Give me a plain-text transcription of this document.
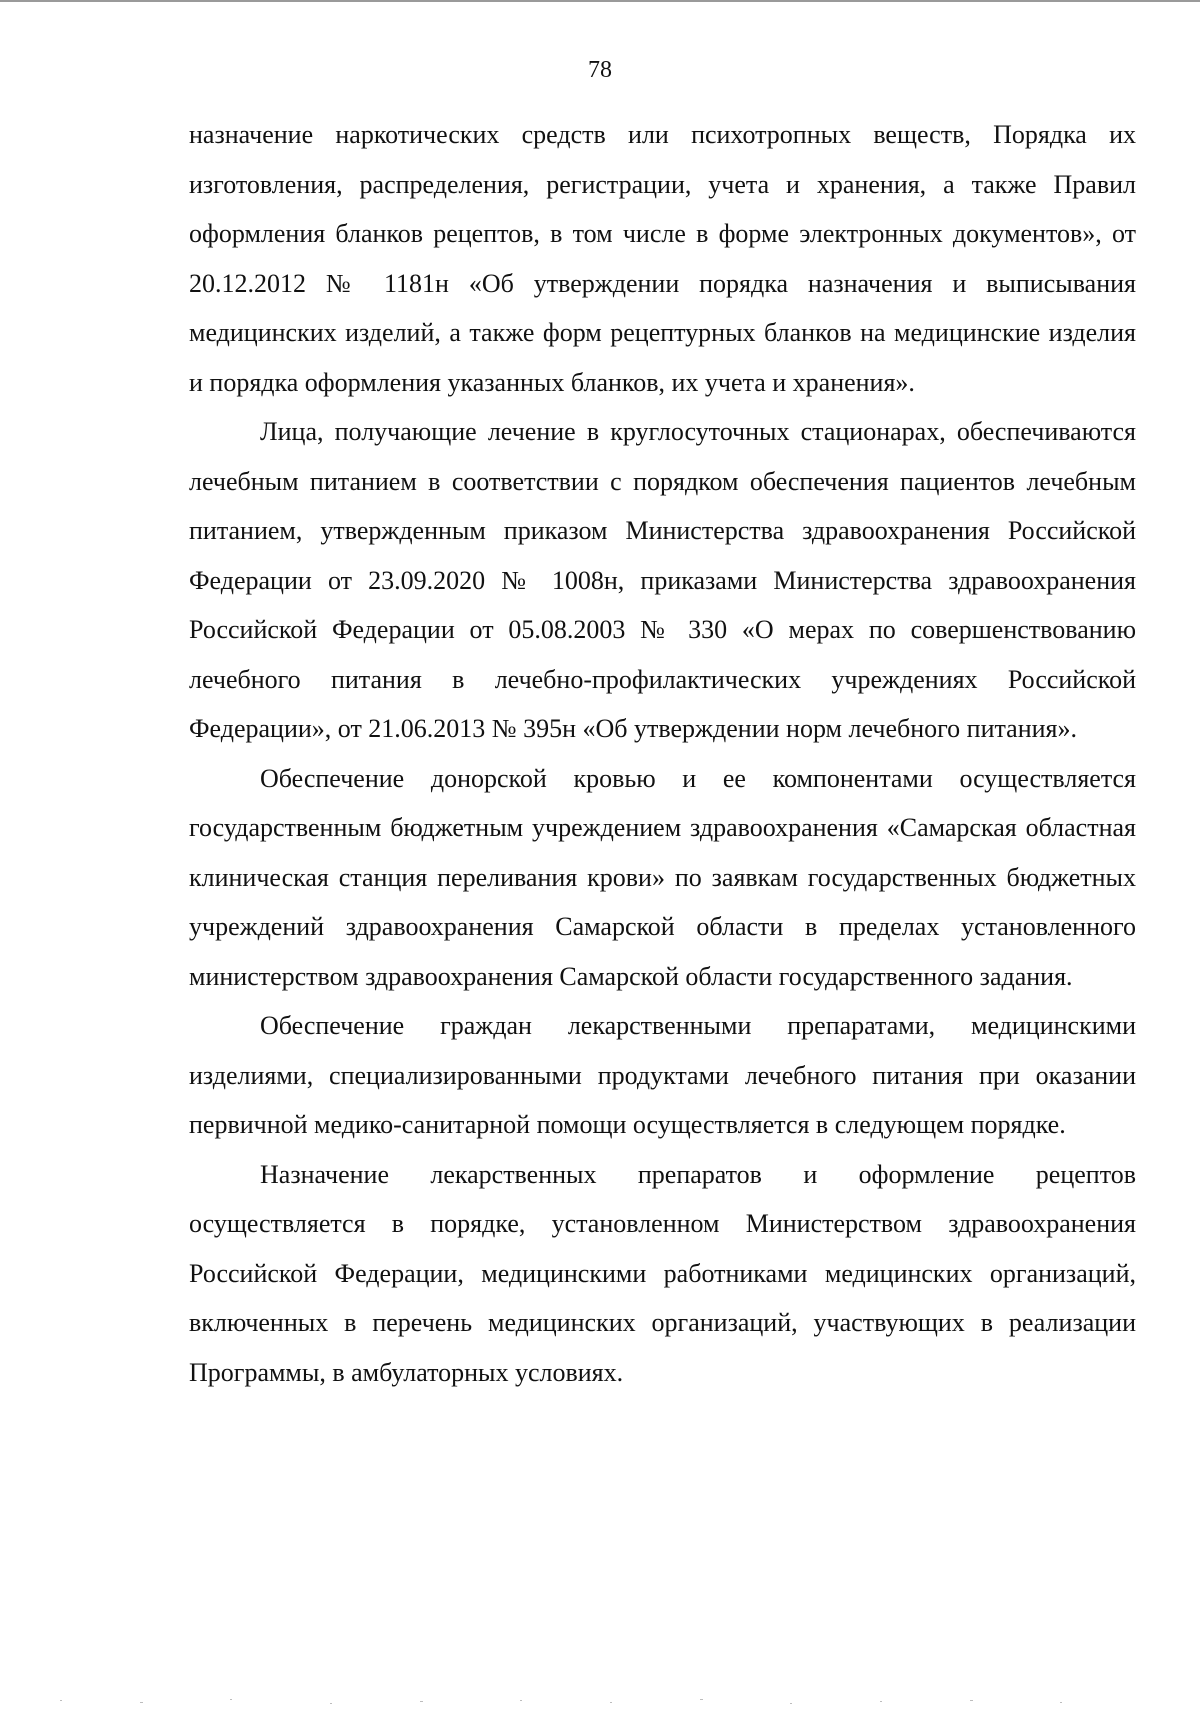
78

назначение наркотических средств или психотропных веществ, Порядка их изготовления, распределения, регистрации, учета и хранения, а также Правил оформления бланков рецептов, в том числе в форме электронных документов», от 20.12.2012 № 1181н «Об утверждении порядка назначения и выписывания медицинских изделий, а также форм рецептурных бланков на медицинские изделия и порядка оформления указанных бланков, их учета и хранения».

Лица, получающие лечение в круглосуточных стационарах, обеспечиваются лечебным питанием в соответствии с порядком обеспечения пациентов лечебным питанием, утвержденным приказом Министерства здравоохранения Российской Федерации от 23.09.2020 № 1008н, приказами Министерства здравоохранения Российской Федерации от 05.08.2003 № 330 «О мерах по совершенствованию лечебного питания в лечебно-профилактических учреждениях Российской Федерации», от 21.06.2013 № 395н «Об утверждении норм лечебного питания».

Обеспечение донорской кровью и ее компонентами осуществляется государственным бюджетным учреждением здравоохранения «Самарская областная клиническая станция переливания крови» по заявкам государственных бюджетных учреждений здравоохранения Самарской области в пределах установленного министерством здравоохранения Самарской области государственного задания.

Обеспечение граждан лекарственными препаратами, медицинскими изделиями, специализированными продуктами лечебного питания при оказании первичной медико-санитарной помощи осуществляется в следующем порядке.

Назначение лекарственных препаратов и оформление рецептов осуществляется в порядке, установленном Министерством здравоохранения Российской Федерации, медицинскими работниками медицинских организаций, включенных в перечень медицинских организаций, участвующих в реализации Программы, в амбулаторных условиях.
